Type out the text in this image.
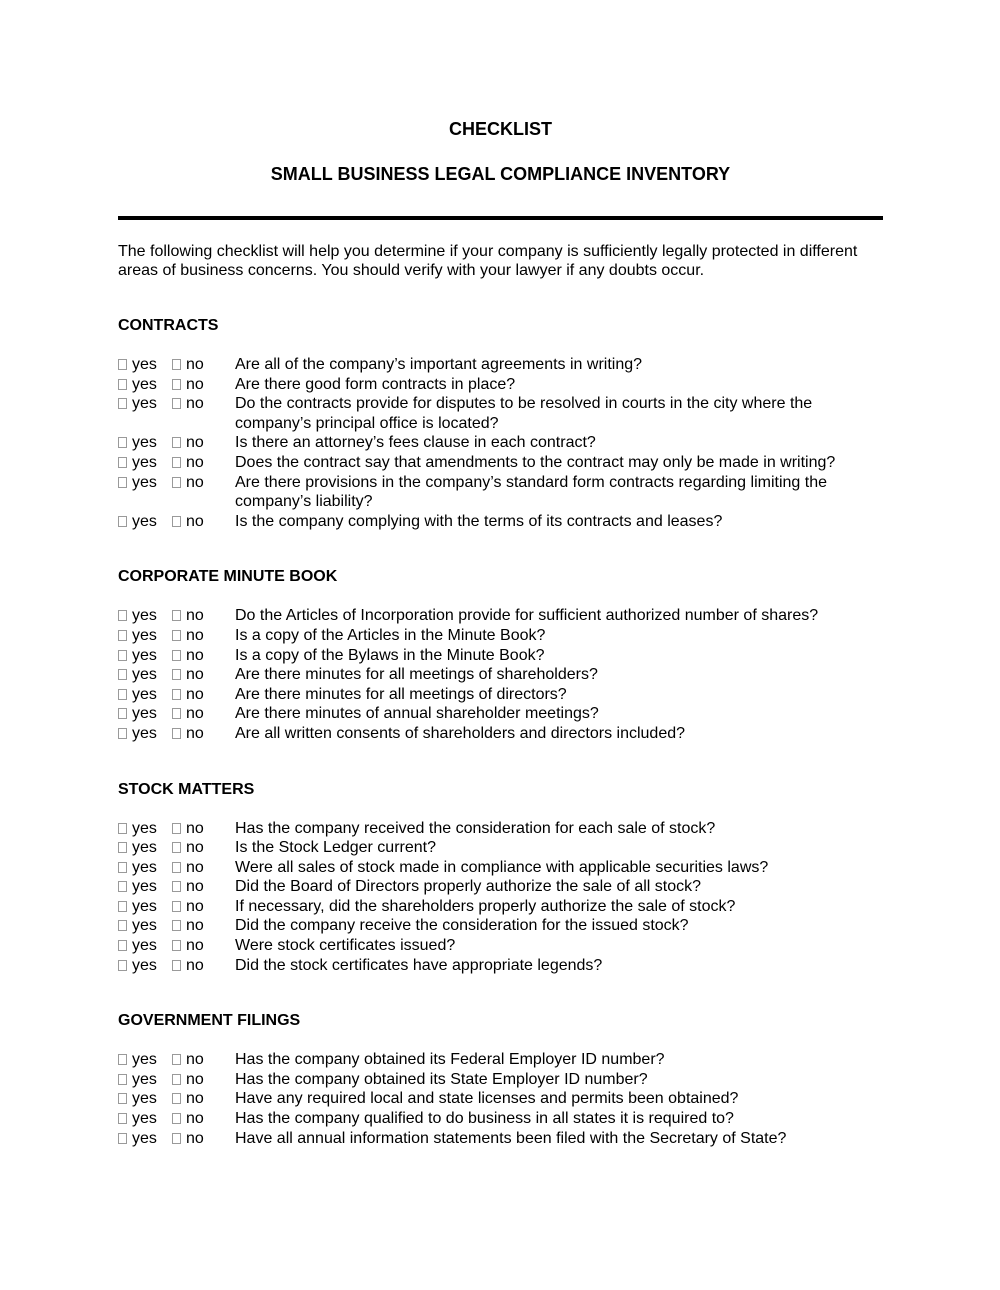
CHECKLIST
SMALL BUSINESS LEGAL COMPLIANCE INVENTORY

The following checklist will help you determine if your company is sufficiently legally protected in different areas of business concerns. You should verify with your lawyer if any doubts occur.

CONTRACTS
yes	no Are all of the company’s important agreements in writing?
yes	no Are there good form contracts in place?
yes	no Do the contracts provide for disputes to be resolved in courts in the city where the company’s principal office is located?
yes	no Is there an attorney’s fees clause in each contract?
yes	no Does the contract say that amendments to the contract may only be made in writing?
yes	no Are there provisions in the company’s standard form contracts regarding limiting the company’s liability?
yes	no Is the company complying with the terms of its contracts and leases?
CORPORATE MINUTE BOOK
yes	no Do the Articles of Incorporation provide for sufficient authorized number of shares?
yes	no Is a copy of the Articles in the Minute Book?
yes	no Is a copy of the Bylaws in the Minute Book?
yes	no Are there minutes for all meetings of shareholders?
yes	no Are there minutes for all meetings of directors?
yes	no Are there minutes of annual shareholder meetings?
yes	no Are all written consents of shareholders and directors included?
STOCK MATTERS
yes	no Has the company received the consideration for each sale of stock?
yes	no Is the Stock Ledger current?
yes	no Were all sales of stock made in compliance with applicable securities laws?
yes	no Did the Board of Directors properly authorize the sale of all stock?
yes	no If necessary, did the shareholders properly authorize the sale of stock?
yes	no Did the company receive the consideration for the issued stock?
yes	no Were stock certificates issued?
yes	no Did the stock certificates have appropriate legends?
GOVERNMENT FILINGS
yes	no Has the company obtained its Federal Employer ID number?
yes	no Has the company obtained its State Employer ID number?
yes	no Have any required local and state licenses and permits been obtained?
yes	no Has the company qualified to do business in all states it is required to?
yes	no Have all annual information statements been filed with the Secretary of State?
